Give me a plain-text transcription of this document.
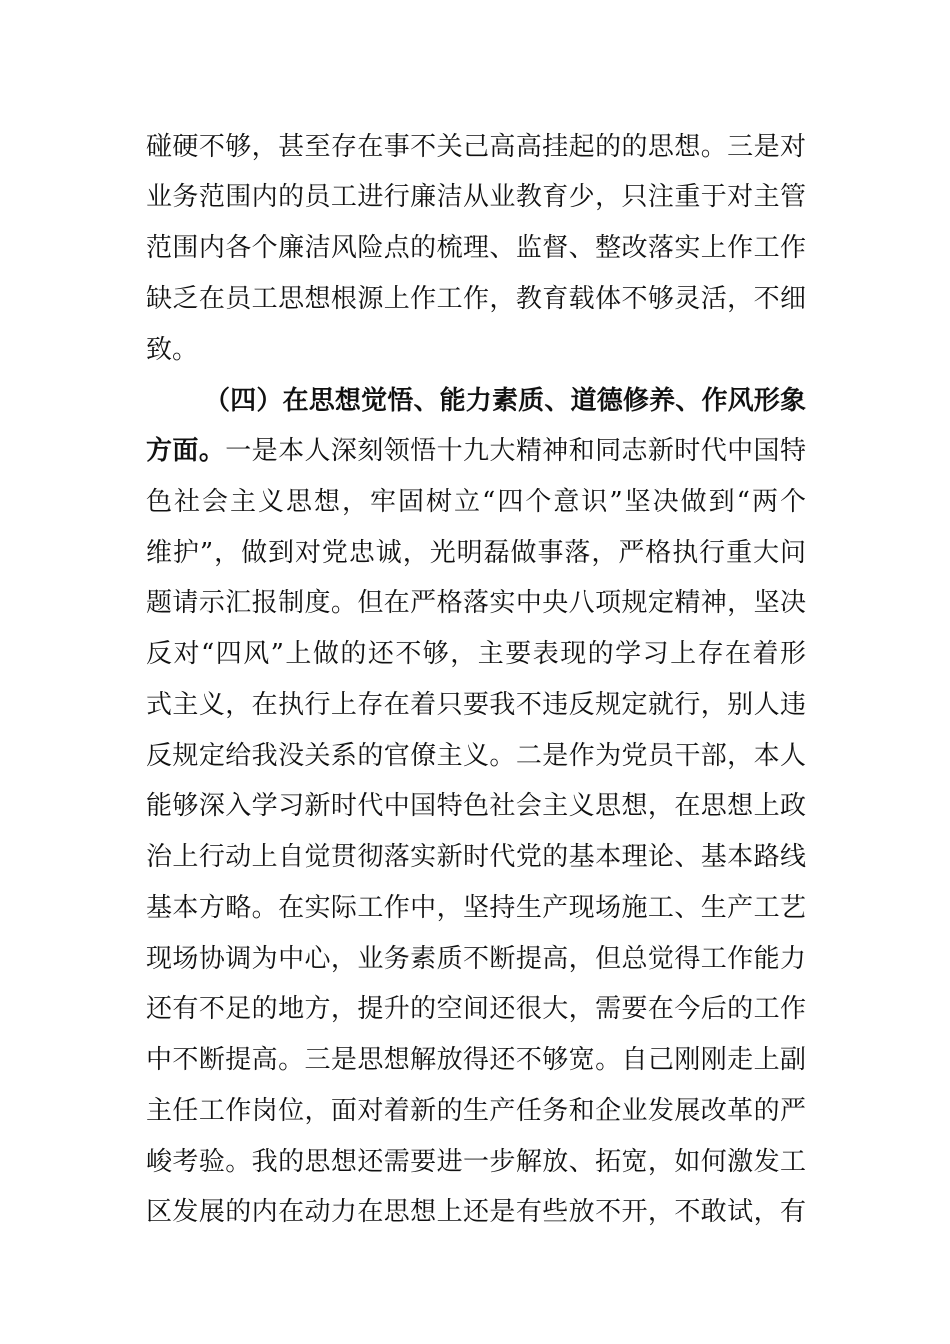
碰硬不够，甚至存在事不关己高高挂起的的思想。三是对
业务范围内的员工进行廉洁从业教育少，只注重于对主管
范围内各个廉洁风险点的梳理、监督、整改落实上作工作
缺乏在员工思想根源上作工作，教育载体不够灵活，不细
致。
（四）在思想觉悟、能力素质、道德修养、作风形象
方面。一是本人深刻领悟十九大精神和同志新时代中国特
色社会主义思想，牢固树立“四个意识”坚决做到“两个
维护”，做到对党忠诚，光明磊做事落，严格执行重大问
题请示汇报制度。但在严格落实中央八项规定精神，坚决
反对“四风”上做的还不够，主要表现的学习上存在着形
式主义，在执行上存在着只要我不违反规定就行，别人违
反规定给我没关系的官僚主义。二是作为党员干部，本人
能够深入学习新时代中国特色社会主义思想，在思想上政
治上行动上自觉贯彻落实新时代党的基本理论、基本路线
基本方略。在实际工作中，坚持生产现场施工、生产工艺
现场协调为中心，业务素质不断提高，但总觉得工作能力
还有不足的地方，提升的空间还很大，需要在今后的工作
中不断提高。三是思想解放得还不够宽。自己刚刚走上副
主任工作岗位，面对着新的生产任务和企业发展改革的严
峻考验。我的思想还需要进一步解放、拓宽，如何激发工
区发展的内在动力在思想上还是有些放不开，不敢试，有
